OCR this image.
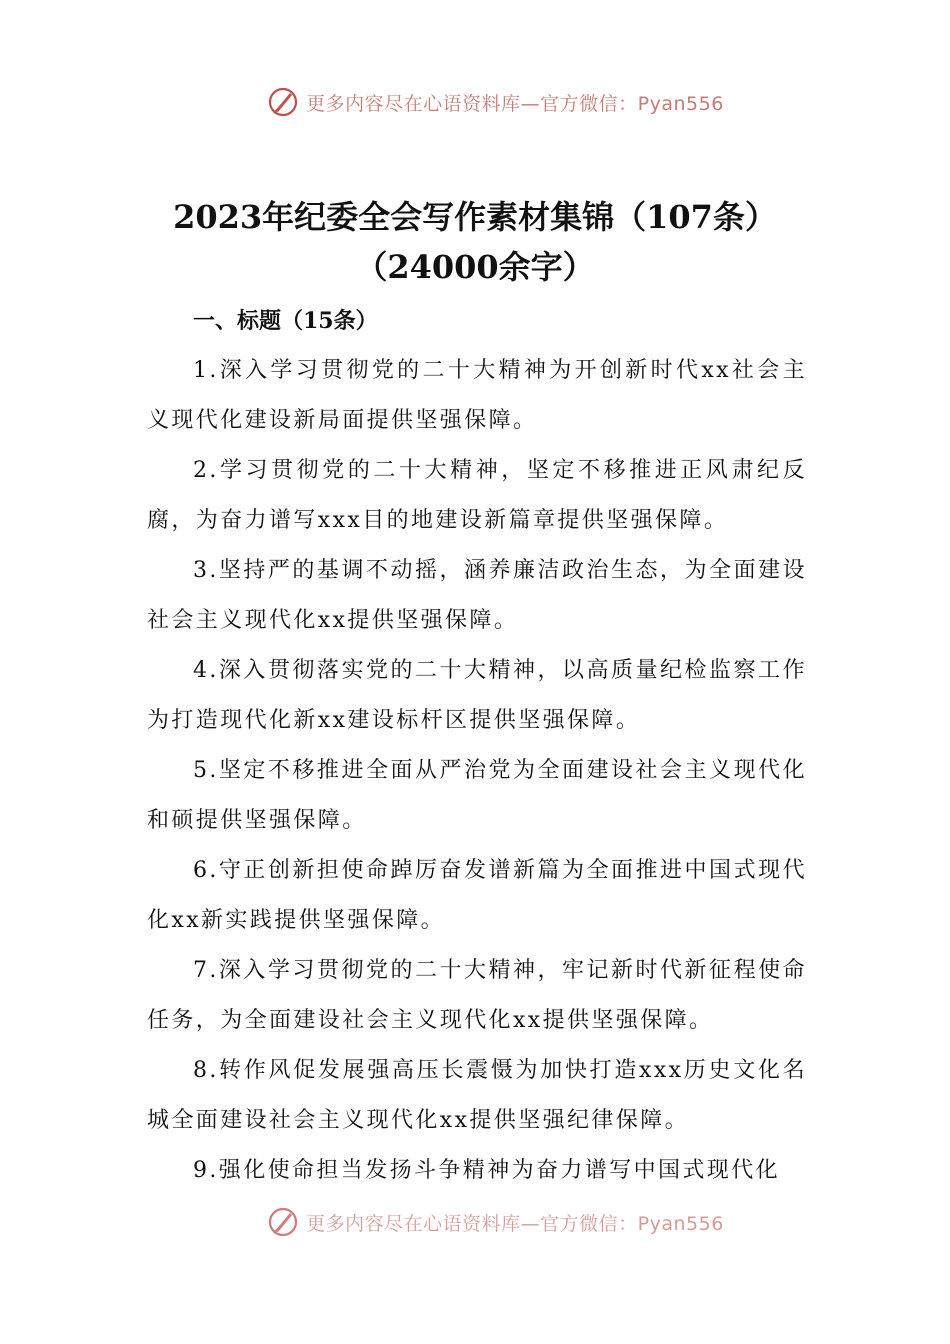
更多内容尽在心语资料库—官方微信：Pyan556
2023年纪委全会写作素材集锦（107条）
（24000余字）

一、标题（15条）

1.深入学习贯彻党的二十大精神为开创新时代xx社会主义现代化建设新局面提供坚强保障。

2.学习贯彻党的二十大精神，坚定不移推进正风肃纪反腐，为奋力谱写xxx目的地建设新篇章提供坚强保障。

3.坚持严的基调不动摇，涵养廉洁政治生态，为全面建设社会主义现代化xx提供坚强保障。

4.深入贯彻落实党的二十大精神，以高质量纪检监察工作为打造现代化新xx建设标杆区提供坚强保障。

5.坚定不移推进全面从严治党为全面建设社会主义现代化和硕提供坚强保障。

6.守正创新担使命踔厉奋发谱新篇为全面推进中国式现代化xx新实践提供坚强保障。

7.深入学习贯彻党的二十大精神，牢记新时代新征程使命任务，为全面建设社会主义现代化xx提供坚强保障。

8.转作风促发展强高压长震慑为加快打造xxx历史文化名城全面建设社会主义现代化xx提供坚强纪律保障。

9.强化使命担当发扬斗争精神为奋力谱写中国式现代化

更多内容尽在心语资料库—官方微信：Pyan556
